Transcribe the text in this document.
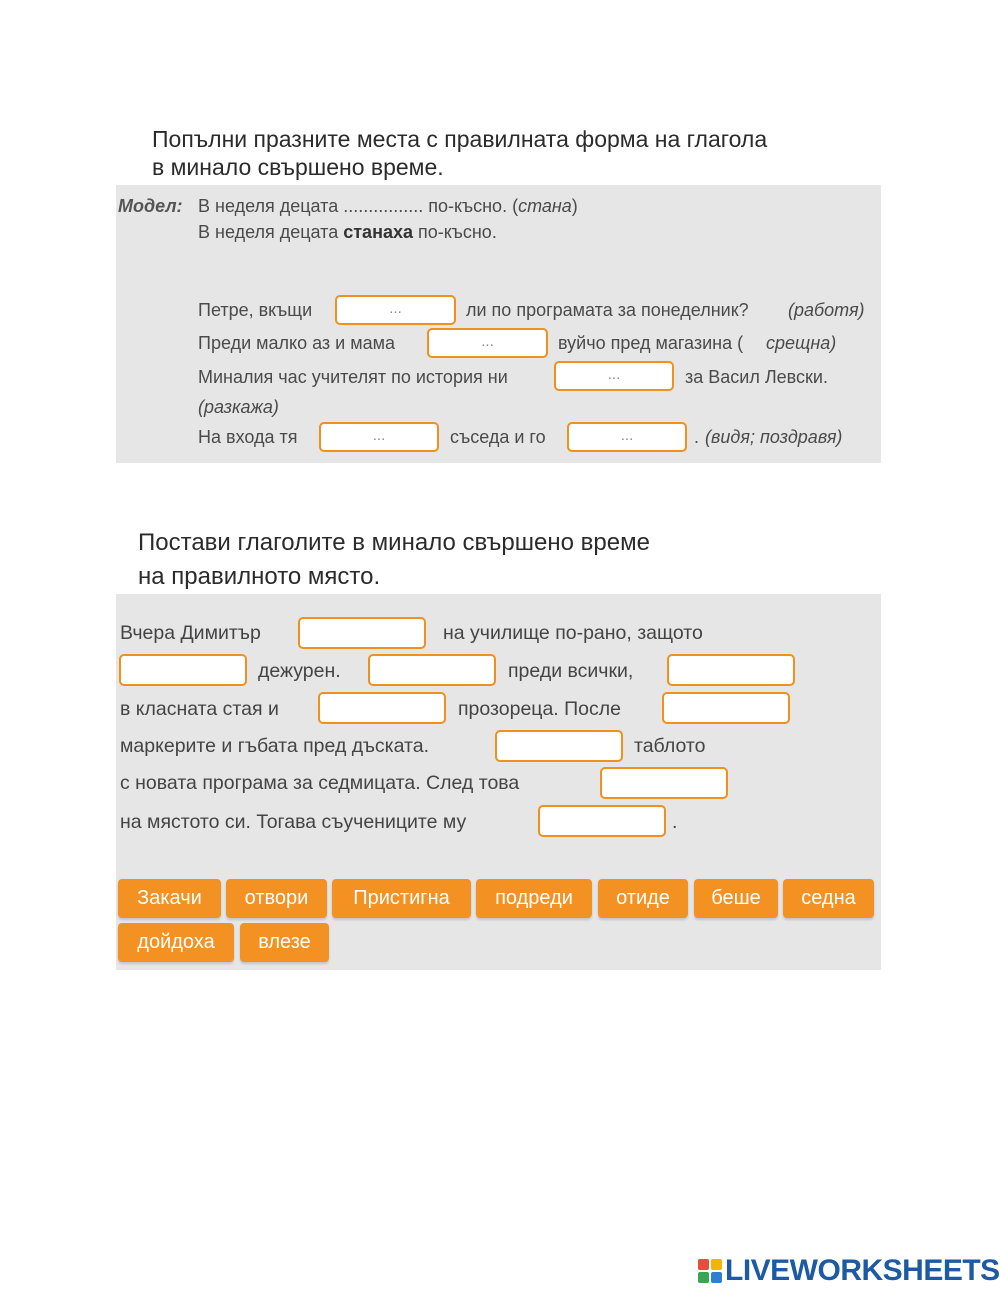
Попълни празните места с правилната форма на глагола
в минало свършено време.
Модел: В неделя децата ................ по-късно. (стана)
В неделя децата станаха по-късно.
Петре, вкъщи	...	ли по програмата за понеделник? (работя)
Преди малко аз и мама	...	вуйчо пред магазина ( срещна)
Миналия час учителят по история ни	...	за Васил Левски.
(разкажа)
На входа тя	...	съседа и го	...	. (видя; поздравя)
Постави глаголите в минало свършено време
на правилното място.
Вчера Димитър	на училище по-рано, защото
дежурен.	преди всички,
в класната стая и	прозореца. После
маркерите и гъбата пред дъската.	таблото
с новата програма за седмицата. След това
на мястото си. Тогава съучениците му	.
Закачи	отвори	Пристигна	подреди	отиде	беше	седна
дойдоха	влезе
LIVEWORKSHEETS
